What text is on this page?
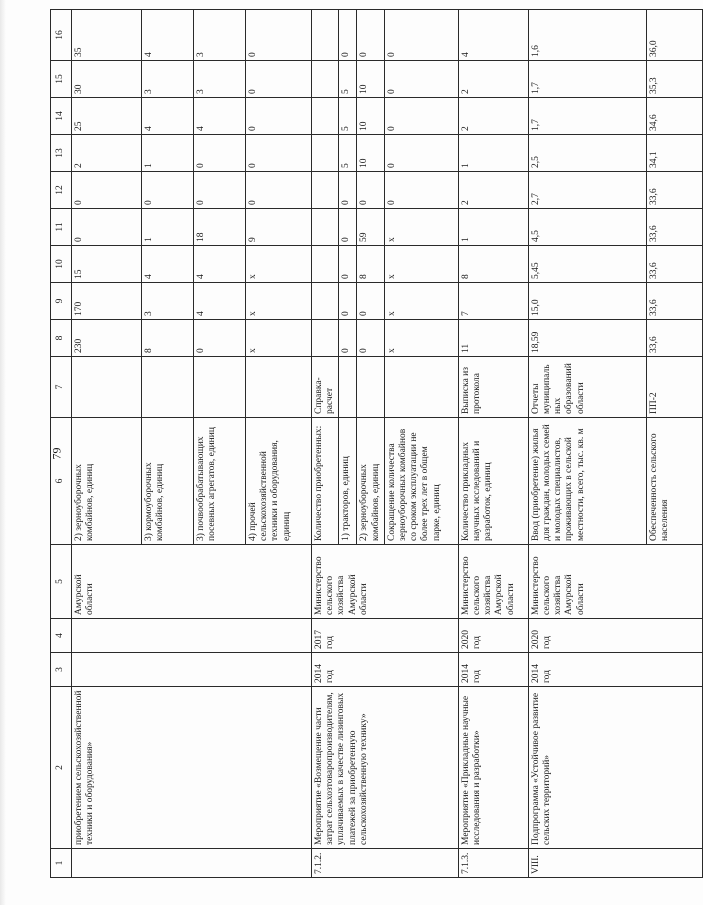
79
1	2	3	4	5	6	7	8	9	10	11	12	13	14	15	16
	приобретением сельскохозяйственной техники и оборудования»			Амурской области	2) зерноуборочных комбайнов, единиц		230	170	15	0	0	2	25	30	35
					3) кормоуборочных комбайнов, единиц		8	3	4	1	0	1	4	3	4
					3) почвообрабатывающих посевных агрегатов, единиц		0	4	4	18	0	0	4	3	3
					4) прочей сельскохозяйственной техники и оборудования, единиц		х	х	х	9	0	0	0	0	0
7.1.2.	Мероприятие «Возмещение части затрат сельхозтоваропроизводителям, уплачиваемых в качестве лизинговых платежей за приобретенную сельскохозяйственную технику»	2014 год	2017 год	Министерство сельского хозяйства Амурской области	Количество приобретенных:	Справка-расчет									
					1) тракторов, единиц		0	0	0	0	0	5	5	5	0
					2) зерноуборочных комбайнов, единиц		0	0	8	59	0	10	10	10	0
					Сокращение количества зерноуборочных комбайнов со сроком эксплуатации не более трех лет в общем парке, единиц		х	х	х	х	0	0	0	0	0
7.1.3.	Мероприятие «Прикладные научные исследования и разработки»	2014 год	2020 год	Министерство сельского хозяйства Амурской области	Количество прикладных научных исследований и разработок, единиц	Выписка из протокола	11	7	8	1	2	1	2	2	4
VIII.	Подпрограмма «Устойчивое развитие сельских территорий»	2014 год	2020 год	Министерство сельского хозяйства Амурской области	Ввод (приобретение) жилья для граждан, молодых семей и молодых специалистов, проживающих в сельской местности, всего, тыс. кв. м	Отчеты муниципальных образований области	18,59	15,0	5,45	4,5	2,7	2,5	1,7	1,7	1,6
					Обеспеченность сельского населения	ПП-2	33,6	33,6	33,6	33,6	33,6	34,1	34,6	35,3	36,0
